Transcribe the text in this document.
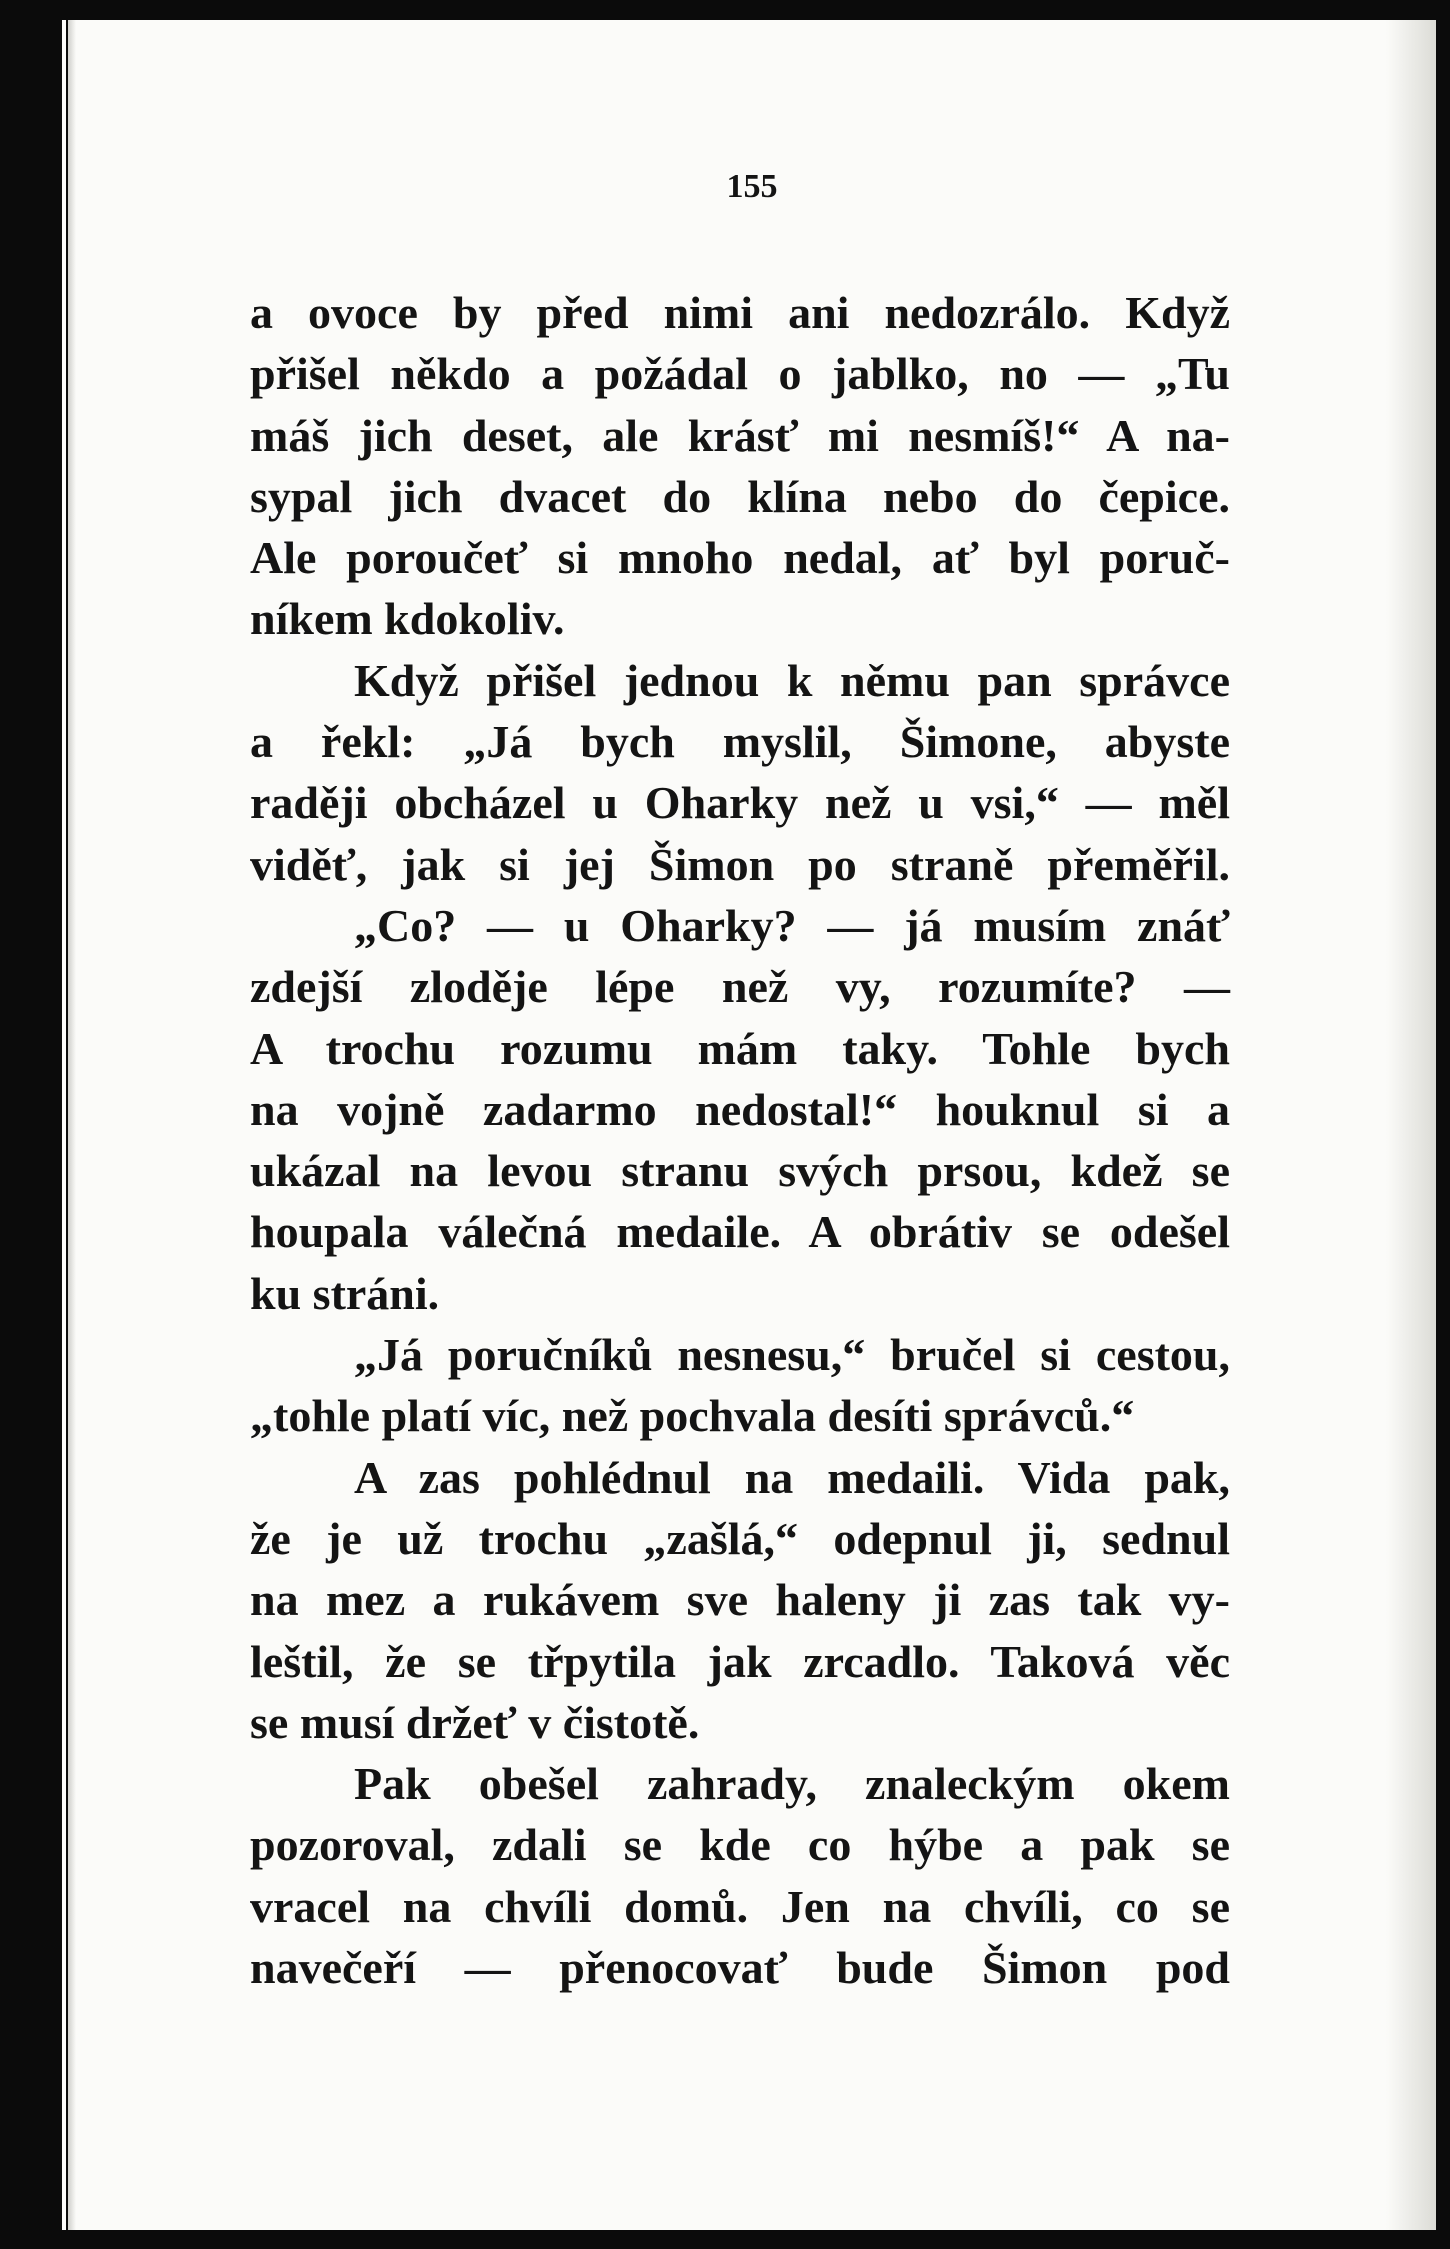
155

a ovoce by před nimi ani nedozrálo. Když
přišel někdo a požádal o jablko, no — „Tu
máš jich deset, ale krásť mi nesmíš!“ A na-
sypal jich dvacet do klína nebo do čepice.
Ale poroučeť si mnoho nedal, ať byl poruč-
níkem kdokoliv.
Když přišel jednou k němu pan správce
a řekl: „Já bych myslil, Šimone, abyste
raději obcházel u Oharky než u vsi,“ — měl
viděť, jak si jej Šimon po straně přeměřil.
„Co? — u Oharky? — já musím znáť
zdejší zloděje lépe než vy, rozumíte? —
A trochu rozumu mám taky. Tohle bych
na vojně zadarmo nedostal!“ houknul si a
ukázal na levou stranu svých prsou, kdež se
houpala válečná medaile. A obrátiv se odešel
ku stráni.
„Já poručníků nesnesu,“ bručel si cestou,
„tohle platí víc, než pochvala desíti správců.“
A zas pohlédnul na medaili. Vida pak,
že je už trochu „zašlá,“ odepnul ji, sednul
na mez a rukávem sve haleny ji zas tak vy-
leštil, že se třpytila jak zrcadlo. Taková věc
se musí držeť v čistotě.
Pak obešel zahrady, znaleckým okem
pozoroval, zdali se kde co hýbe a pak se
vracel na chvíli domů. Jen na chvíli, co se
navečeří — přenocovať bude Šimon pod
